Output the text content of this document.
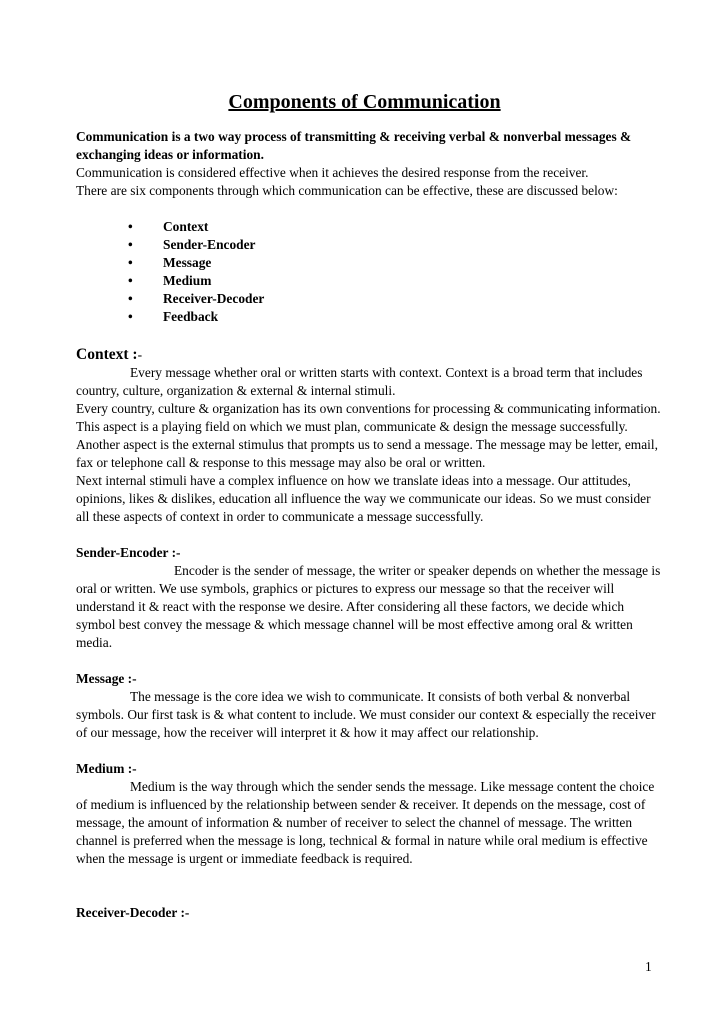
Components of Communication

Communication is a two way process of transmitting & receiving verbal & nonverbal messages & exchanging ideas or information.

Communication is considered effective when it achieves the desired response from the receiver.

There are six components through which communication can be effective, these are discussed below:

• Context
• Sender-Encoder
• Message
• Medium
• Receiver-Decoder
• Feedback

Context :-

Every message whether oral or written starts with context. Context is a broad term that includes country, culture, organization & external & internal stimuli.

Every country, culture & organization has its own conventions for processing & communicating information. This aspect is a playing field on which we must plan, communicate & design the message successfully.

Another aspect is the external stimulus that prompts us to send a message. The message may be letter, email, fax or telephone call & response to this message may also be oral or written.

Next internal stimuli have a complex influence on how we translate ideas into a message. Our attitudes, opinions, likes & dislikes, education all influence the way we communicate our ideas. So we must consider all these aspects of context in order to communicate a message successfully.

Sender-Encoder :-

Encoder is the sender of message, the writer or speaker depends on whether the message is oral or written. We use symbols, graphics or pictures to express our message so that the receiver will understand it & react with the response we desire. After considering all these factors, we decide which symbol best convey the message & which message channel will be most effective among oral & written media.

Message :-

The message is the core idea we wish to communicate. It consists of both verbal & nonverbal symbols. Our first task is & what content to include. We must consider our context & especially the receiver of our message, how the receiver will interpret it & how it may affect our relationship.

Medium :-

Medium is the way through which the sender sends the message. Like message content the choice of medium is influenced by the relationship between sender & receiver. It depends on the message, cost of message, the amount of information & number of receiver to select the channel of message. The written channel is preferred when the message is long, technical & formal in nature while oral medium is effective when the message is urgent or immediate feedback is required.

Receiver-Decoder :-

1
